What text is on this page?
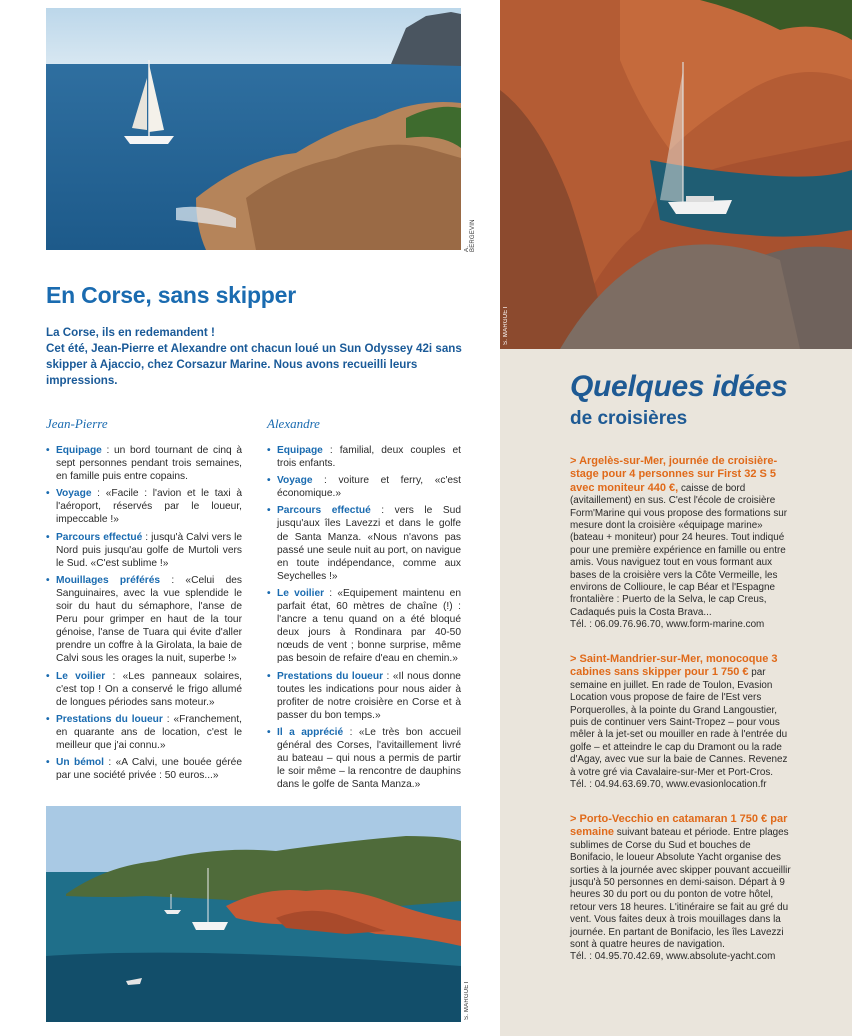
A. BERGEVIN
S. MARGUET
En Corse, sans skipper
La Corse, ils en redemandent !
Cet été, Jean-Pierre et Alexandre ont chacun loué un Sun Odyssey 42i sans skipper à Ajaccio, chez Corsazur Marine. Nous avons recueilli leurs impressions.
Jean-Pierre
• Equipage : un bord tournant de cinq à sept personnes pendant trois semaines, en famille puis entre copains.
• Voyage : «Facile : l'avion et le taxi à l'aéroport, réservés par le loueur, impeccable !»
• Parcours effectué : jusqu'à Calvi vers le Nord puis jusqu'au golfe de Murtoli vers le Sud. «C'est sublime !»
• Mouillages préférés : «Celui des Sanguinaires, avec la vue splendide le soir du haut du sémaphore, l'anse de Peru pour grimper en haut de la tour génoise, l'anse de Tuara qui évite d'aller prendre un coffre à la Girolata, la baie de Calvi sous les orages la nuit, superbe !»
• Le voilier : «Les panneaux solaires, c'est top ! On a conservé le frigo allumé de longues périodes sans moteur.»
• Prestations du loueur : «Franchement, en quarante ans de location, c'est le meilleur que j'ai connu.»
• Un bémol : «A Calvi, une bouée gérée par une société privée : 50 euros...»
Alexandre
• Equipage : familial, deux couples et trois enfants.
• Voyage : voiture et ferry, «c'est économique.»
• Parcours effectué : vers le Sud jusqu'aux îles Lavezzi et dans le golfe de Santa Manza. «Nous n'avons pas passé une seule nuit au port, on navigue en toute indépendance, comme aux Seychelles !»
• Le voilier : «Equipement maintenu en parfait état, 60 mètres de chaîne (!) : l'ancre a tenu quand on a été bloqué deux jours à Rondinara par 40-50 nœuds de vent ; bonne surprise, même pas besoin de refaire d'eau en chemin.»
• Prestations du loueur : «Il nous donne toutes les indications pour nous aider à profiter de notre croisière en Corse et à passer du bon temps.»
• Il a apprécié : «Le très bon accueil général des Corses, l'avitaillement livré au bateau – qui nous a permis de partir le soir même – la rencontre de dauphins dans le golfe de Santa Manza.»
S. MARGUET
Quelques idées
de croisières
> Argelès-sur-Mer, journée de croisière-stage pour 4 personnes sur First 32 S 5 avec moniteur 440 €, caisse de bord (avitaillement) en sus. C'est l'école de croisière Form'Marine qui vous propose des formations sur mesure dont la croisière «équipage marine» (bateau + moniteur) pour 24 heures. Tout indiqué pour une première expérience en famille ou entre amis. Vous naviguez tout en vous formant aux bases de la croisière vers la Côte Vermeille, les environs de Collioure, le cap Béar et l'Espagne frontalière : Puerto de la Selva, le cap Creus, Cadaqués puis la Costa Brava...
Tél. : 06.09.76.96.70, www.form-marine.com
> Saint-Mandrier-sur-Mer, monocoque 3 cabines sans skipper pour 1 750 € par semaine en juillet. En rade de Toulon, Evasion Location vous propose de faire de l'Est vers Porquerolles, à la pointe du Grand Langoustier, puis de continuer vers Saint-Tropez – pour vous mêler à la jet-set ou mouiller en rade à l'entrée du golfe – et atteindre le cap du Dramont ou la rade d'Agay, avec vue sur la baie de Cannes. Revenez à votre gré via Cavalaire-sur-Mer et Port-Cros.
Tél. : 04.94.63.69.70, www.evasionlocation.fr
> Porto-Vecchio en catamaran 1 750 € par semaine suivant bateau et période. Entre plages sublimes de Corse du Sud et bouches de Bonifacio, le loueur Absolute Yacht organise des sorties à la journée avec skipper pouvant accueillir jusqu'à 50 personnes en demi-saison. Départ à 9 heures 30 du port ou du ponton de votre hôtel, retour vers 18 heures. L'itinéraire se fait au gré du vent. Vous faites deux à trois mouillages dans la journée. En partant de Bonifacio, les îles Lavezzi sont à quatre heures de navigation.
Tél. : 04.95.70.42.69, www.absolute-yacht.com
